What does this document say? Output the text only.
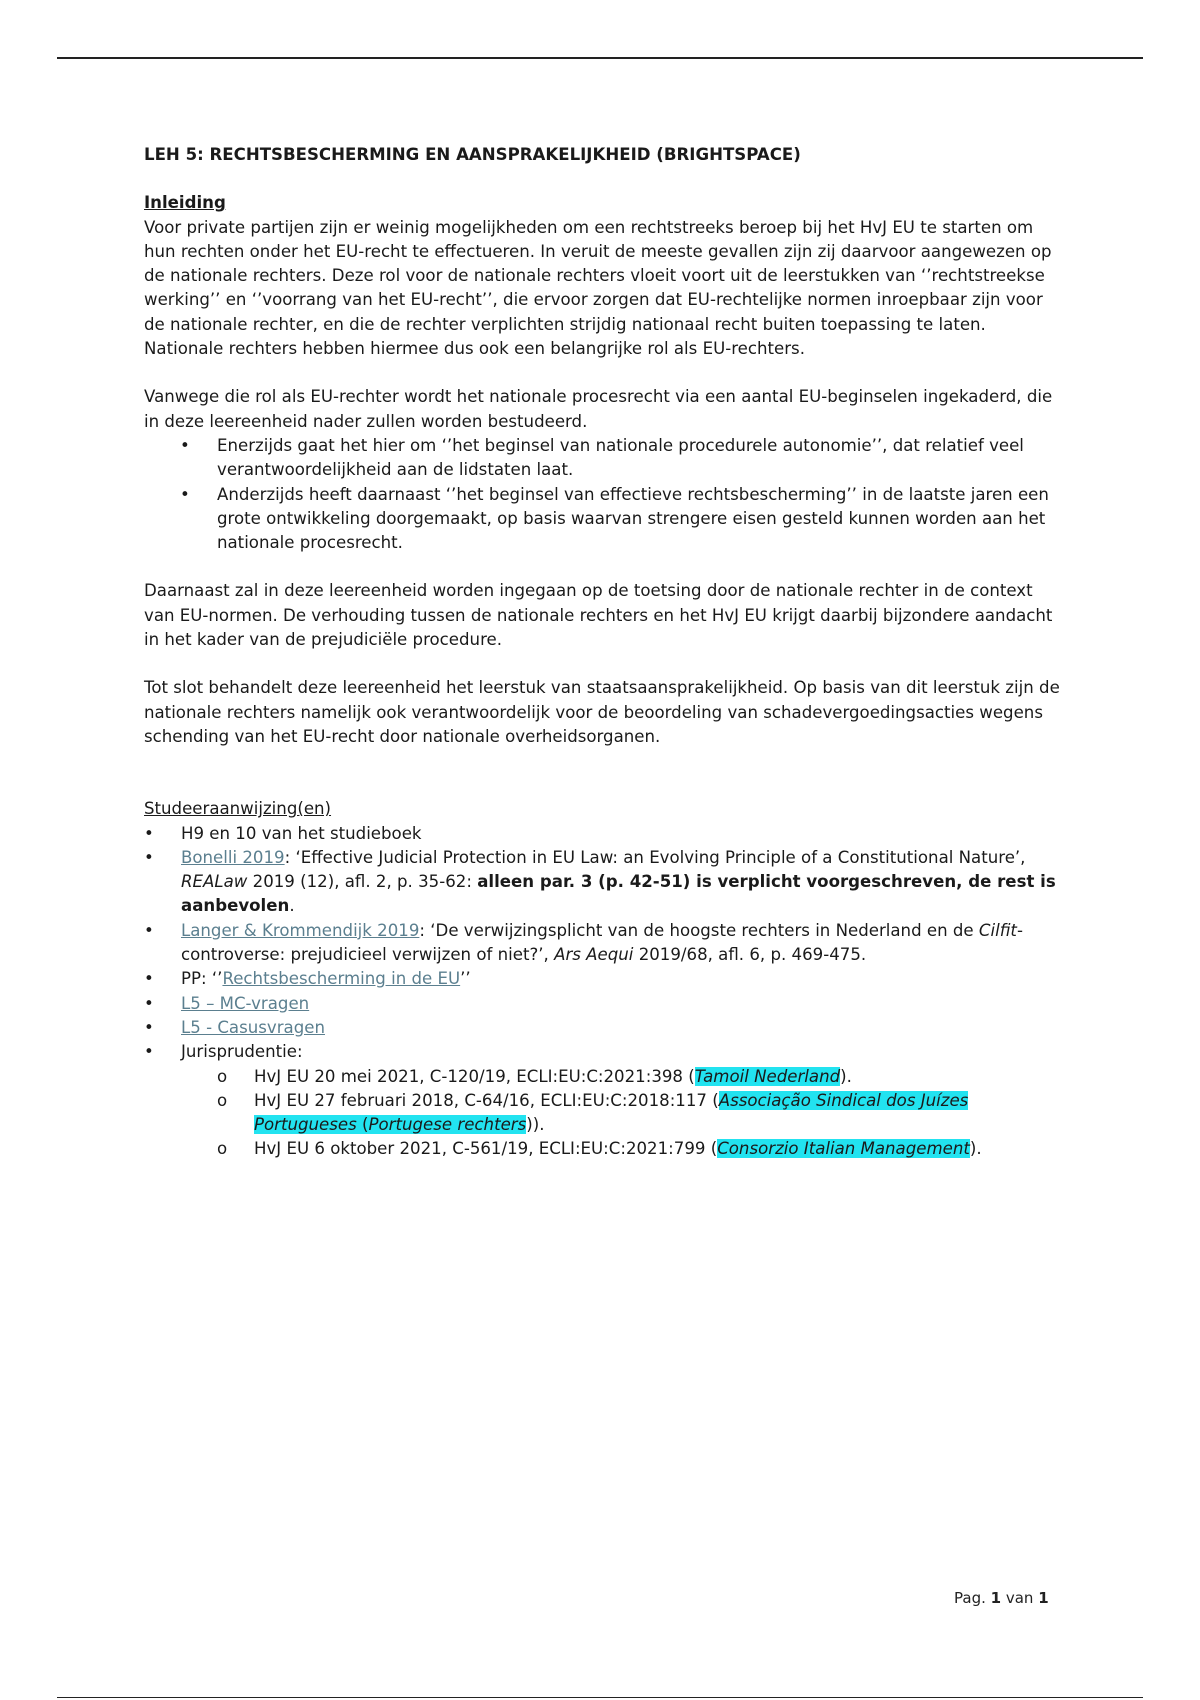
LEH 5: RECHTSBESCHERMING EN AANSPRAKELIJKHEID (BRIGHTSPACE)

Inleiding

Voor private partijen zijn er weinig mogelijkheden om een rechtstreeks beroep bij het HvJ EU te starten om hun rechten onder het EU-recht te effectueren. In veruit de meeste gevallen zijn zij daarvoor aangewezen op de nationale rechters. Deze rol voor de nationale rechters vloeit voort uit de leerstukken van ‘’rechtstreekse werking’’ en ‘’voorrang van het EU-recht’’, die ervoor zorgen dat EU-rechtelijke normen inroepbaar zijn voor de nationale rechter, en die de rechter verplichten strijdig nationaal recht buiten toepassing te laten. Nationale rechters hebben hiermee dus ook een belangrijke rol als EU-rechters.

Vanwege die rol als EU-rechter wordt het nationale procesrecht via een aantal EU-beginselen ingekaderd, die in deze leereenheid nader zullen worden bestudeerd.

• Enerzijds gaat het hier om ‘’het beginsel van nationale procedurele autonomie’’, dat relatief veel verantwoordelijkheid aan de lidstaten laat.
• Anderzijds heeft daarnaast ‘’het beginsel van effectieve rechtsbescherming’’ in de laatste jaren een grote ontwikkeling doorgemaakt, op basis waarvan strengere eisen gesteld kunnen worden aan het nationale procesrecht.

Daarnaast zal in deze leereenheid worden ingegaan op de toetsing door de nationale rechter in de context van EU-normen. De verhouding tussen de nationale rechters en het HvJ EU krijgt daarbij bijzondere aandacht in het kader van de prejudiciële procedure.

Tot slot behandelt deze leereenheid het leerstuk van staatsaansprakelijkheid. Op basis van dit leerstuk zijn de nationale rechters namelijk ook verantwoordelijk voor de beoordeling van schadevergoedingsacties wegens schending van het EU-recht door nationale overheidsorganen.

Studeeraanwijzing(en)

• H9 en 10 van het studieboek
• Bonelli 2019: ‘Effective Judicial Protection in EU Law: an Evolving Principle of a Constitutional Nature’, REALaw 2019 (12), afl. 2, p. 35-62: alleen par. 3 (p. 42-51) is verplicht voorgeschreven, de rest is aanbevolen.
• Langer & Krommendijk 2019: ‘De verwijzingsplicht van de hoogste rechters in Nederland en de Cilfit-controverse: prejudicieel verwijzen of niet?’, Ars Aequi 2019/68, afl. 6, p. 469-475.
• PP: ‘’Rechtsbescherming in de EU’’
• L5 – MC-vragen
• L5 - Casusvragen
• Jurisprudentie:
o HvJ EU 20 mei 2021, C-120/19, ECLI:EU:C:2021:398 (Tamoil Nederland).
o HvJ EU 27 februari 2018, C-64/16, ECLI:EU:C:2018:117 (Associação Sindical dos Juízes Portugueses (Portugese rechters)).
o HvJ EU 6 oktober 2021, C-561/19, ECLI:EU:C:2021:799 (Consorzio Italian Management).
Pag. 1 van 1
